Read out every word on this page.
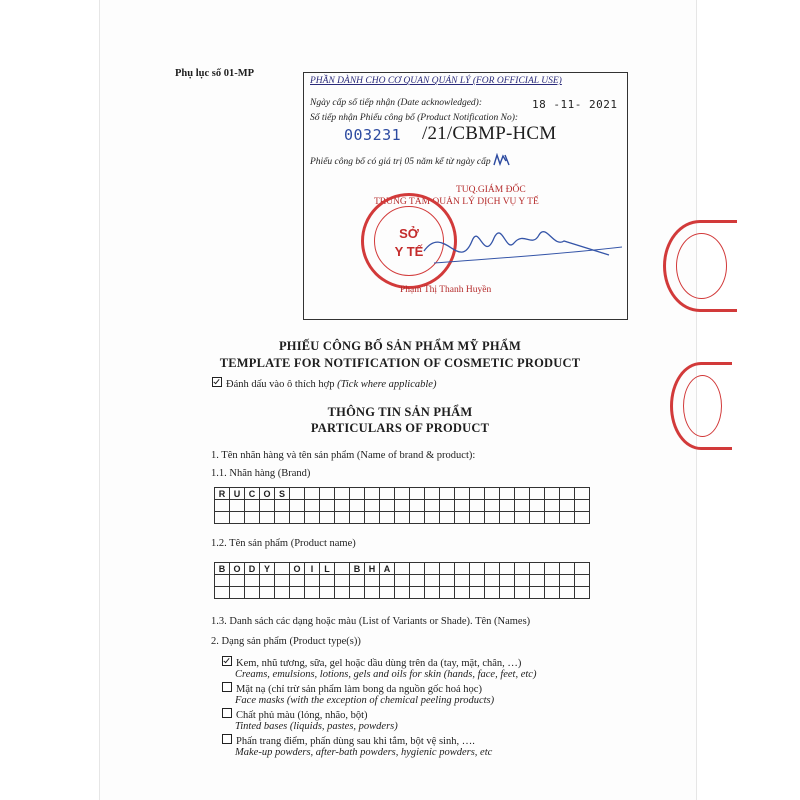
Phụ lục số 01-MP
PHẦN DÀNH CHO CƠ QUAN QUẢN LÝ (FOR OFFICIAL USE)
Ngày cấp số tiếp nhận (Date acknowledged):	18 -11- 2021
Số tiếp nhận Phiếu công bố (Product Notification No):
003231 /21/CBMP-HCM
Phiếu công bố có giá trị 05 năm kể từ ngày cấp
TUQ.GIÁM ĐỐC
TRUNG TÂM QUẢN LÝ DỊCH VỤ Y TẾ
SỞ
Y TẾ
Phạm Thị Thanh Huyền
PHIẾU CÔNG BỐ SẢN PHẨM MỸ PHẨM
TEMPLATE FOR NOTIFICATION OF COSMETIC PRODUCT
Đánh dấu vào ô thích hợp (Tick where applicable)
THÔNG TIN SẢN PHẨM
PARTICULARS OF PRODUCT
1. Tên nhãn hàng và tên sản phẩm (Name of brand & product):
1.1. Nhãn hàng (Brand)
R U C O S
1.2. Tên sản phẩm (Product name)
B O D Y	O	I	L	B H A
1.3. Danh sách các dạng hoặc màu (List of Variants or Shade). Tên (Names)
2. Dạng sản phẩm (Product type(s))
Kem, nhũ tương, sữa, gel hoặc dầu dùng trên da (tay, mặt, chân, …)
Creams, emulsions, lotions, gels and oils for skin (hands, face, feet, etc)
Mặt nạ (chỉ trừ sản phẩm làm bong da nguồn gốc hoá học)
Face masks (with the exception of chemical peeling products)
Chất phủ màu (lỏng, nhão, bột)
Tinted bases (liquids, pastes, powders)
Phấn trang điểm, phấn dùng sau khi tắm, bột vệ sinh, ….
Make-up powders, after-bath powders, hygienic powders, etc
